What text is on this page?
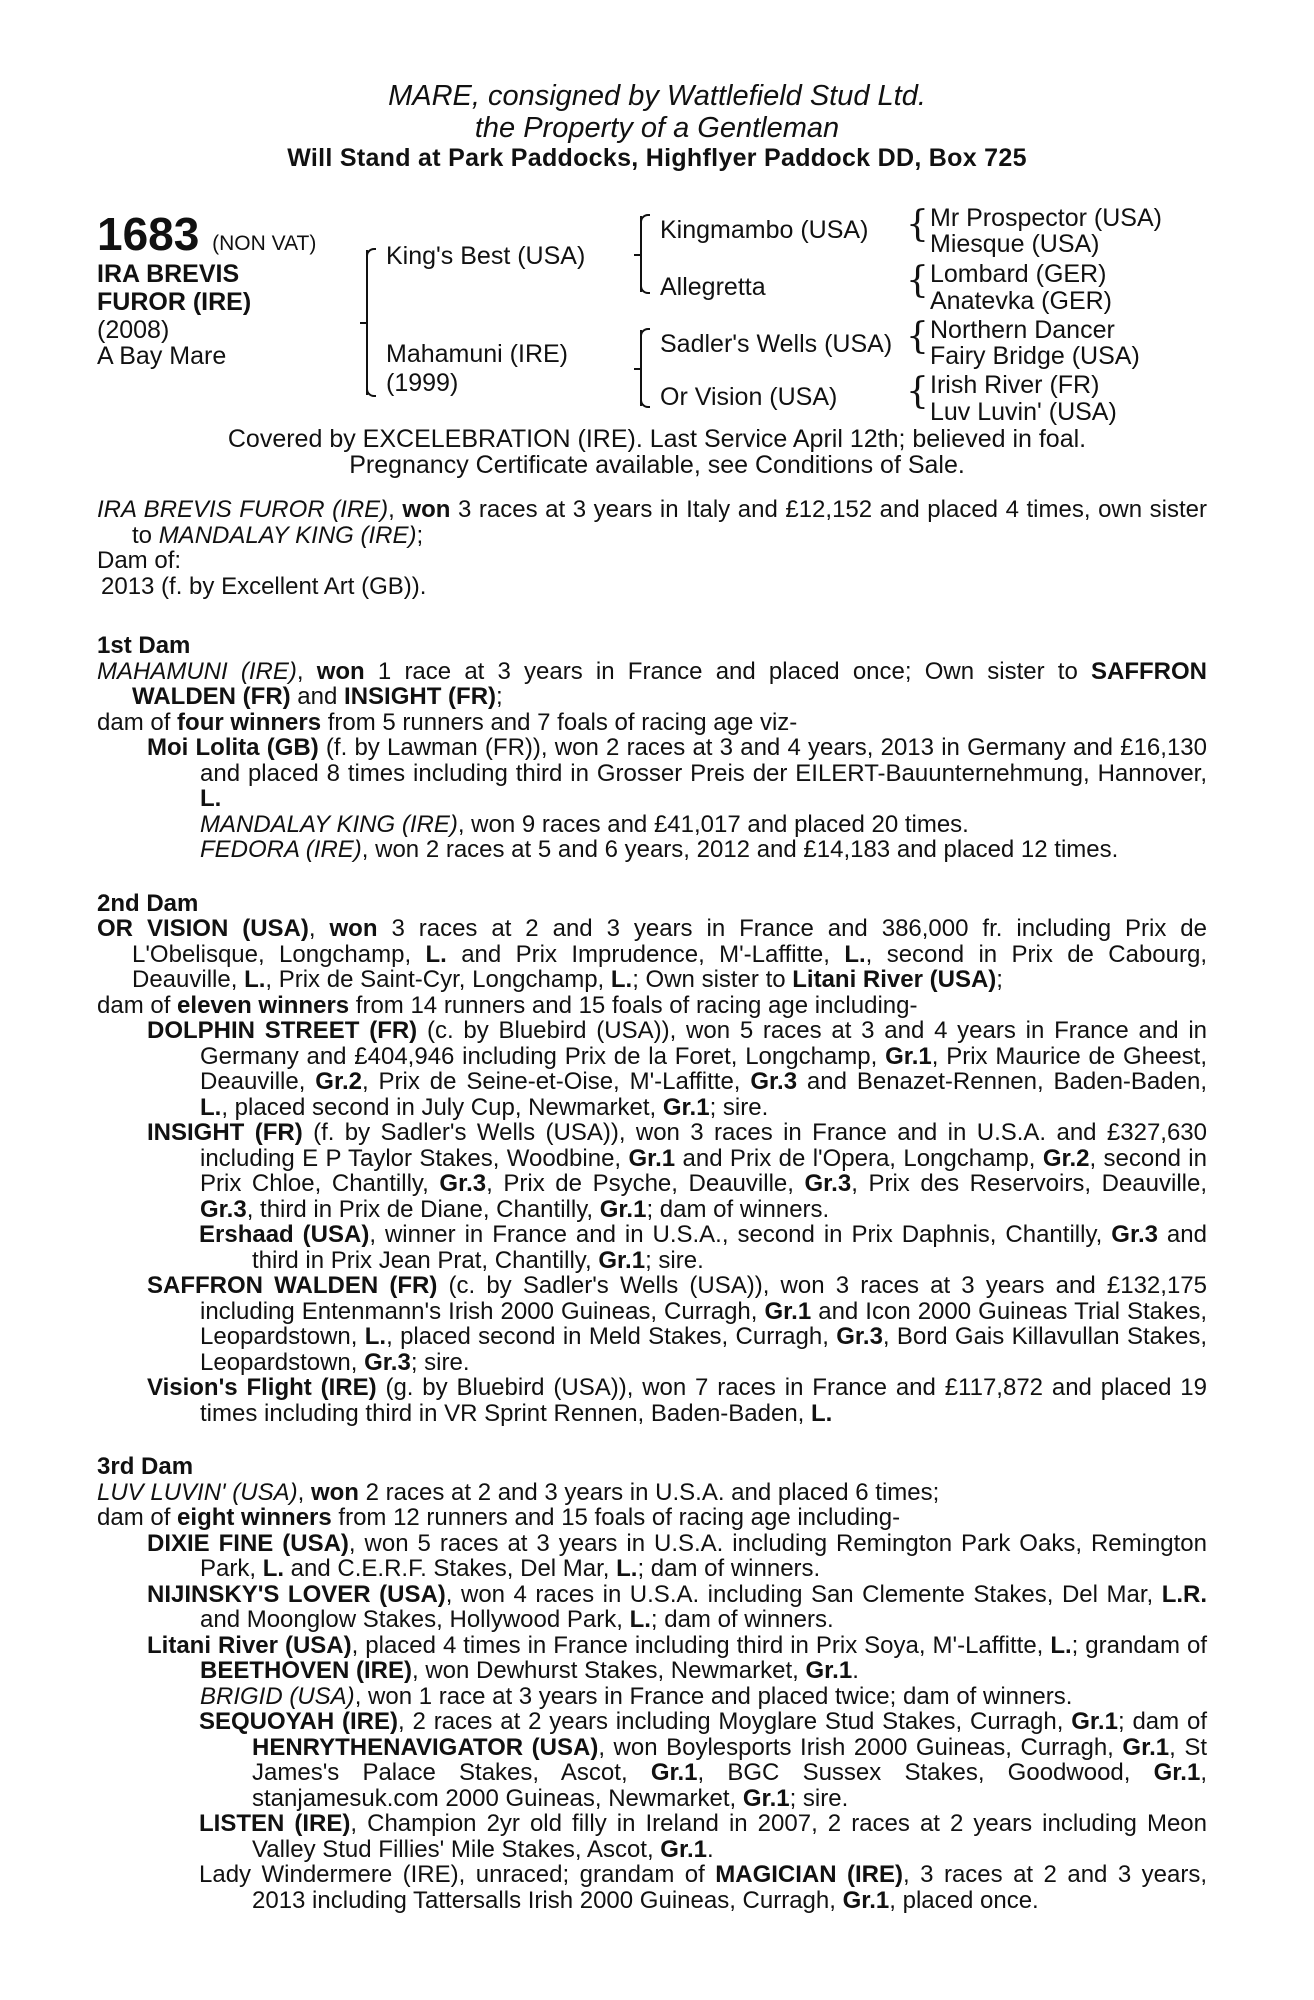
MARE, consigned by Wattlefield Stud Ltd.
the Property of a Gentleman
Will Stand at Park Paddocks, Highflyer Paddock DD, Box 725
1683 (NON VAT)
IRA BREVIS
FUROR (IRE)
(2008)
A Bay Mare
King's Best (USA)
Mahamuni (IRE)
(1999)
Kingmambo (USA)
Allegretta
Sadler's Wells (USA)
Or Vision (USA)
{ Mr Prospector (USA)
Miesque (USA)
{ Lombard (GER)
Anatevka (GER)
{ Northern Dancer
Fairy Bridge (USA)
{ Irish River (FR)
Luv Luvin' (USA)
Covered by EXCELEBRATION (IRE). Last Service April 12th; believed in foal.
Pregnancy Certificate available, see Conditions of Sale.

IRA BREVIS FUROR (IRE), won 3 races at 3 years in Italy and £12,152 and placed 4 times, own sister to MANDALAY KING (IRE);

Dam of:

2013 (f. by Excellent Art (GB)).

1st Dam

MAHAMUNI (IRE), won 1 race at 3 years in France and placed once; Own sister to SAFFRON WALDEN (FR) and INSIGHT (FR);

dam of four winners from 5 runners and 7 foals of racing age viz-

Moi Lolita (GB) (f. by Lawman (FR)), won 2 races at 3 and 4 years, 2013 in Germany and £16,130 and placed 8 times including third in Grosser Preis der EILERT-Bauunternehmung, Hannover, L.

MANDALAY KING (IRE), won 9 races and £41,017 and placed 20 times.

FEDORA (IRE), won 2 races at 5 and 6 years, 2012 and £14,183 and placed 12 times.

2nd Dam

OR VISION (USA), won 3 races at 2 and 3 years in France and 386,000 fr. including Prix de L'Obelisque, Longchamp, L. and Prix Imprudence, M'-Laffitte, L., second in Prix de Cabourg, Deauville, L., Prix de Saint-Cyr, Longchamp, L.; Own sister to Litani River (USA);

dam of eleven winners from 14 runners and 15 foals of racing age including-

DOLPHIN STREET (FR) (c. by Bluebird (USA)), won 5 races at 3 and 4 years in France and in Germany and £404,946 including Prix de la Foret, Longchamp, Gr.1, Prix Maurice de Gheest, Deauville, Gr.2, Prix de Seine-et-Oise, M'-Laffitte, Gr.3 and Benazet-Rennen, Baden-Baden, L., placed second in July Cup, Newmarket, Gr.1; sire.

INSIGHT (FR) (f. by Sadler's Wells (USA)), won 3 races in France and in U.S.A. and £327,630 including E P Taylor Stakes, Woodbine, Gr.1 and Prix de l'Opera, Longchamp, Gr.2, second in Prix Chloe, Chantilly, Gr.3, Prix de Psyche, Deauville, Gr.3, Prix des Reservoirs, Deauville, Gr.3, third in Prix de Diane, Chantilly, Gr.1; dam of winners.

Ershaad (USA), winner in France and in U.S.A., second in Prix Daphnis, Chantilly, Gr.3 and third in Prix Jean Prat, Chantilly, Gr.1; sire.

SAFFRON WALDEN (FR) (c. by Sadler's Wells (USA)), won 3 races at 3 years and £132,175 including Entenmann's Irish 2000 Guineas, Curragh, Gr.1 and Icon 2000 Guineas Trial Stakes, Leopardstown, L., placed second in Meld Stakes, Curragh, Gr.3, Bord Gais Killavullan Stakes, Leopardstown, Gr.3; sire.

Vision's Flight (IRE) (g. by Bluebird (USA)), won 7 races in France and £117,872 and placed 19 times including third in VR Sprint Rennen, Baden-Baden, L.

3rd Dam

LUV LUVIN' (USA), won 2 races at 2 and 3 years in U.S.A. and placed 6 times;

dam of eight winners from 12 runners and 15 foals of racing age including-

DIXIE FINE (USA), won 5 races at 3 years in U.S.A. including Remington Park Oaks, Remington Park, L. and C.E.R.F. Stakes, Del Mar, L.; dam of winners.

NIJINSKY'S LOVER (USA), won 4 races in U.S.A. including San Clemente Stakes, Del Mar, L.R. and Moonglow Stakes, Hollywood Park, L.; dam of winners.

Litani River (USA), placed 4 times in France including third in Prix Soya, M'-Laffitte, L.; grandam of BEETHOVEN (IRE), won Dewhurst Stakes, Newmarket, Gr.1.

BRIGID (USA), won 1 race at 3 years in France and placed twice; dam of winners.

SEQUOYAH (IRE), 2 races at 2 years including Moyglare Stud Stakes, Curragh, Gr.1; dam of HENRYTHENAVIGATOR (USA), won Boylesports Irish 2000 Guineas, Curragh, Gr.1, St James's Palace Stakes, Ascot, Gr.1, BGC Sussex Stakes, Goodwood, Gr.1, stanjamesuk.com 2000 Guineas, Newmarket, Gr.1; sire.

LISTEN (IRE), Champion 2yr old filly in Ireland in 2007, 2 races at 2 years including Meon Valley Stud Fillies' Mile Stakes, Ascot, Gr.1.

Lady Windermere (IRE), unraced; grandam of MAGICIAN (IRE), 3 races at 2 and 3 years, 2013 including Tattersalls Irish 2000 Guineas, Curragh, Gr.1, placed once.
